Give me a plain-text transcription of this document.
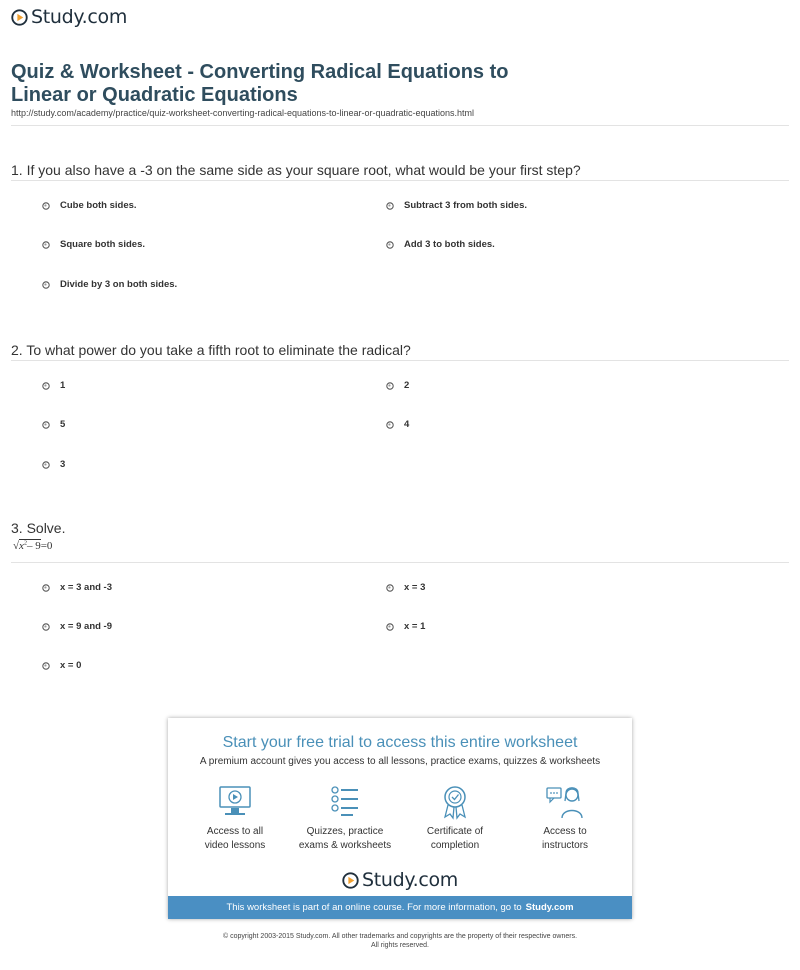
Study.com
Quiz & Worksheet - Converting Radical Equations to
Linear or Quadratic Equations
http://study.com/academy/practice/quiz-worksheet-converting-radical-equations-to-linear-or-quadratic-equations.html
1. If you also have a -3 on the same side as your square root, what would be your first step?
Cube both sides.	Subtract 3 from both sides.
Square both sides.	Add 3 to both sides.
Divide by 3 on both sides.
2. To what power do you take a fifth root to eliminate the radical?
1	2
5	4
3
3. Solve.
$√x^2-$ 9=0
x = 3 and -3	x = 3
x = 9 and -9	x = 1
x = 0
Start your free trial to access this entire worksheet
A premium account gives you access to all lessons, practice exams, quizzes & worksheets
Access to all
video lessons
Quizzes, practice
exams & worksheets
Certificate of
completion
Access to
instructors
Study.com
This worksheet is part of an online course. For more information, go to Study.com
© copyright 2003-2015 Study.com. All other trademarks and copyrights are the property of their respective owners.
All rights reserved.
